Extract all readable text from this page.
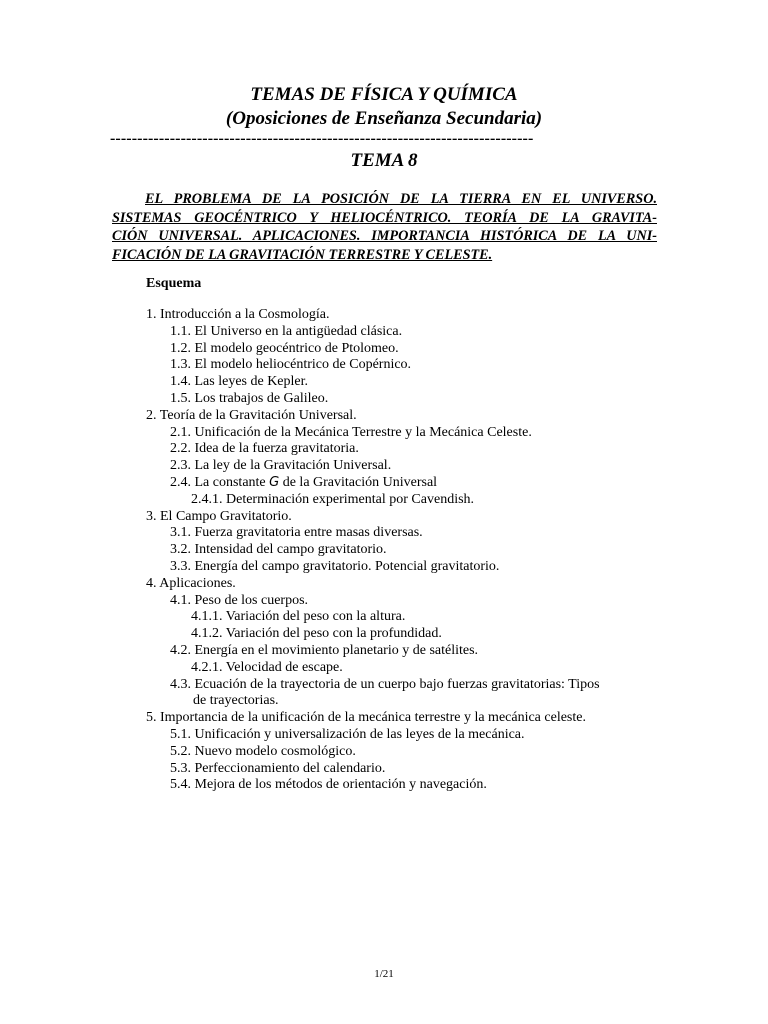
TEMAS DE FÍSICA Y QUÍMICA
(Oposiciones de Enseñanza Secundaria)
------------------------------------------------------------------------------
TEMA 8
EL PROBLEMA DE LA POSICIÓN DE LA TIERRA EN EL UNIVERSO.
SISTEMAS GEOCÉNTRICO Y HELIOCÉNTRICO. TEORÍA DE LA GRAVITA-
CIÓN UNIVERSAL. APLICACIONES. IMPORTANCIA HISTÓRICA DE LA UNI-
FICACIÓN DE LA GRAVITACIÓN TERRESTRE Y CELESTE.
Esquema
1. Introducción a la Cosmología.
1.1. El Universo en la antigüedad clásica.
1.2. El modelo geocéntrico de Ptolomeo.
1.3. El modelo heliocéntrico de Copérnico.
1.4. Las leyes de Kepler.
1.5. Los trabajos de Galileo.
2. Teoría de la Gravitación Universal.
2.1. Unificación de la Mecánica Terrestre y la Mecánica Celeste.
2.2. Idea de la fuerza gravitatoria.
2.3. La ley de la Gravitación Universal.
2.4. La constante G de la Gravitación Universal
2.4.1. Determinación experimental por Cavendish.
3. El Campo Gravitatorio.
3.1. Fuerza gravitatoria entre masas diversas.
3.2. Intensidad del campo gravitatorio.
3.3. Energía del campo gravitatorio. Potencial gravitatorio.
4. Aplicaciones.
4.1. Peso de los cuerpos.
4.1.1. Variación del peso con la altura.
4.1.2. Variación del peso con la profundidad.
4.2. Energía en el movimiento planetario y de satélites.
4.2.1. Velocidad de escape.
4.3. Ecuación de la trayectoria de un cuerpo bajo fuerzas gravitatorias: Tipos
de trayectorias.
5. Importancia de la unificación de la mecánica terrestre y la mecánica celeste.
5.1. Unificación y universalización de las leyes de la mecánica.
5.2. Nuevo modelo cosmológico.
5.3. Perfeccionamiento del calendario.
5.4. Mejora de los métodos de orientación y navegación.
1/21
